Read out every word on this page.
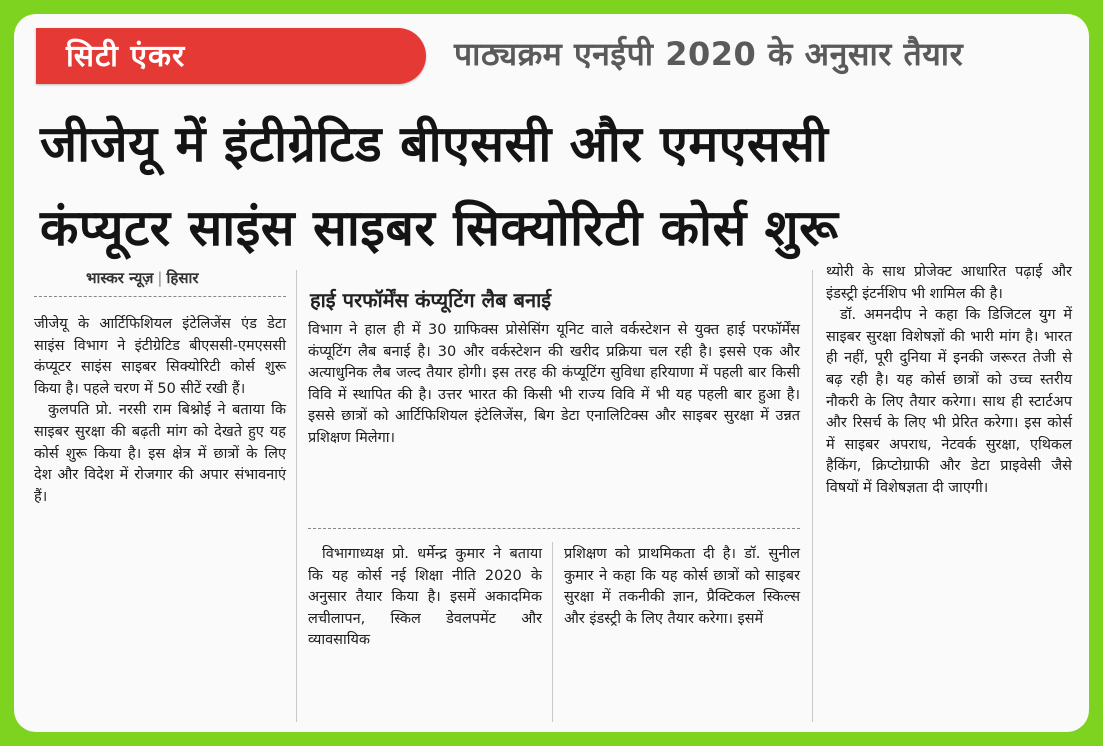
सिटी एंकर	पाठ्यक्रम एनईपी 2020 के अनुसार तैयार
जीजेयू में इंटीग्रेटिड बीएससी और एमएससी
कंप्यूटर साइंस साइबर सिक्योरिटी कोर्स शुरू
भास्कर न्यूज़ | हिसार

जीजेयू के आर्टिफिशियल इंटेलिजेंस एंड डेटा साइंस विभाग ने इंटीग्रेटिड बीएससी-एमएससी कंप्यूटर साइंस साइबर सिक्योरिटी कोर्स शुरू किया है। पहले चरण में 50 सीटें रखी हैं।

कुलपति प्रो. नरसी राम बिश्नोई ने बताया कि साइबर सुरक्षा की बढ़ती मांग को देखते हुए यह कोर्स शुरू किया है। इस क्षेत्र में छात्रों के लिए देश और विदेश में रोजगार की अपार संभावनाएं हैं।

हाई परफॉर्मेंस कंप्यूटिंग लैब बनाई

विभाग ने हाल ही में 30 ग्राफिक्स प्रोसेसिंग यूनिट वाले वर्कस्टेशन से युक्त हाई परफॉर्मेंस कंप्यूटिंग लैब बनाई है। 30 और वर्कस्टेशन की खरीद प्रक्रिया चल रही है। इससे एक और अत्याधुनिक लैब जल्द तैयार होगी। इस तरह की कंप्यूटिंग सुविधा हरियाणा में पहली बार किसी विवि में स्थापित की है। उत्तर भारत की किसी भी राज्य विवि में भी यह पहली बार हुआ है। इससे छात्रों को आर्टिफिशियल इंटेलिजेंस, बिग डेटा एनालिटिक्स और साइबर सुरक्षा में उन्नत प्रशिक्षण मिलेगा।

विभागाध्यक्ष प्रो. धर्मेन्द्र कुमार ने बताया कि यह कोर्स नई शिक्षा नीति 2020 के अनुसार तैयार किया है। इसमें अकादमिक लचीलापन, स्किल डेवलपमेंट और व्यावसायिक

प्रशिक्षण को प्राथमिकता दी है। डॉ. सुनील कुमार ने कहा कि यह कोर्स छात्रों को साइबर सुरक्षा में तकनीकी ज्ञान, प्रैक्टिकल स्किल्स और इंडस्ट्री के लिए तैयार करेगा। इसमें

थ्योरी के साथ प्रोजेक्ट आधारित पढ़ाई और इंडस्ट्री इंटर्नशिप भी शामिल की है।

डॉ. अमनदीप ने कहा कि डिजिटल युग में साइबर सुरक्षा विशेषज्ञों की भारी मांग है। भारत ही नहीं, पूरी दुनिया में इनकी जरूरत तेजी से बढ़ रही है। यह कोर्स छात्रों को उच्च स्तरीय नौकरी के लिए तैयार करेगा। साथ ही स्टार्टअप और रिसर्च के लिए भी प्रेरित करेगा। इस कोर्स में साइबर अपराध, नेटवर्क सुरक्षा, एथिकल हैकिंग, क्रिप्टोग्राफी और डेटा प्राइवेसी जैसे विषयों में विशेषज्ञता दी जाएगी।
